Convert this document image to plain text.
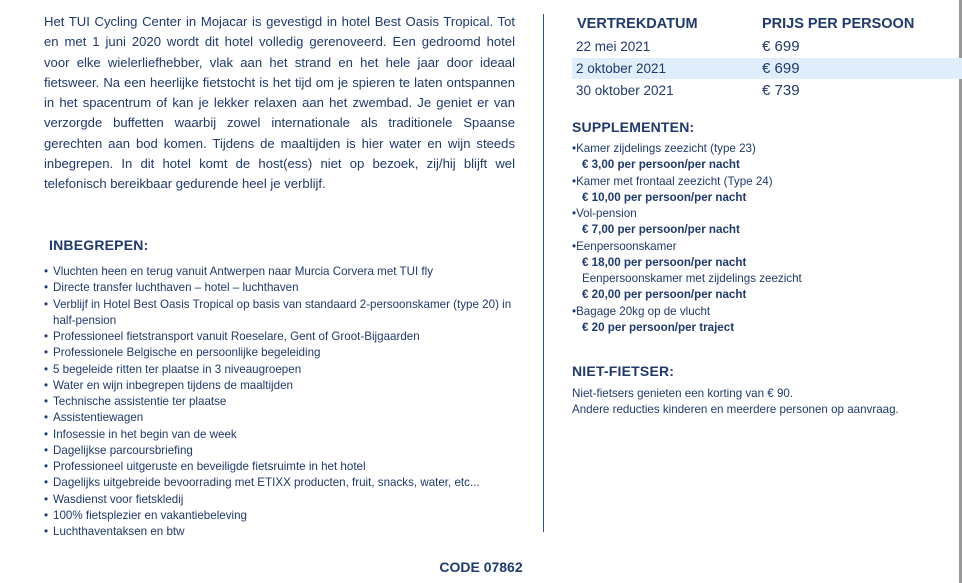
Het TUI Cycling Center in Mojacar is gevestigd in hotel Best Oasis Tropical. Tot en met 1 juni 2020 wordt dit hotel volledig gerenoveerd. Een gedroomd hotel voor elke wielerliefhebber, vlak aan het strand en het hele jaar door ideaal fietsweer. Na een heerlijke fietstocht is het tijd om je spieren te laten ontspannen in het spacentrum of kan je lekker relaxen aan het zwembad. Je geniet er van verzorgde buffetten waarbij zowel internationale als traditionele Spaanse gerechten aan bod komen. Tijdens de maaltijden is hier water en wijn steeds inbegrepen. In dit hotel komt de host(ess) niet op bezoek, zij/hij blijft wel telefonisch bereikbaar gedurende heel je verblijf.
INBEGREPEN:
• Vluchten heen en terug vanuit Antwerpen naar Murcia Corvera met TUI fly
• Directe transfer luchthaven – hotel – luchthaven
• Verblijf in Hotel Best Oasis Tropical op basis van standaard 2-persoonskamer (type 20) in half-pension
• Professioneel fietstransport vanuit Roeselare, Gent of Groot-Bijgaarden
• Professionele Belgische en persoonlijke begeleiding
• 5 begeleide ritten ter plaatse in 3 niveaugroepen
• Water en wijn inbegrepen tijdens de maaltijden
• Technische assistentie ter plaatse
• Assistentiewagen
• Infosessie in het begin van de week
• Dagelijkse parcoursbriefing
• Professioneel uitgeruste en beveiligde fietsruimte in het hotel
• Dagelijks uitgebreide bevoorrading met ETIXX producten, fruit, snacks, water, etc...
• Wasdienst voor fietskledij
• 100% fietsplezier en vakantiebeleving
• Luchthaventaksen en btw
VERTREKDATUM	PRIJS PER PERSOON
22 mei 2021	€ 699
2 oktober 2021	€ 699
30 oktober 2021	€ 739
SUPPLEMENTEN:
• Kamer zijdelings zeezicht (type 23)
€ 3,00 per persoon/per nacht
• Kamer met frontaal zeezicht (Type 24)
€ 10,00 per persoon/per nacht
• Vol-pension
€ 7,00 per persoon/per nacht
• Eenpersoonskamer
€ 18,00 per persoon/per nacht
Eenpersoonskamer met zijdelings zeezicht
€ 20,00 per persoon/per nacht
• Bagage 20kg op de vlucht
€ 20 per persoon/per traject
NIET-FIETSER:
Niet-fietsers genieten een korting van € 90.
Andere reducties kinderen en meerdere personen op aanvraag.
CODE 07862
